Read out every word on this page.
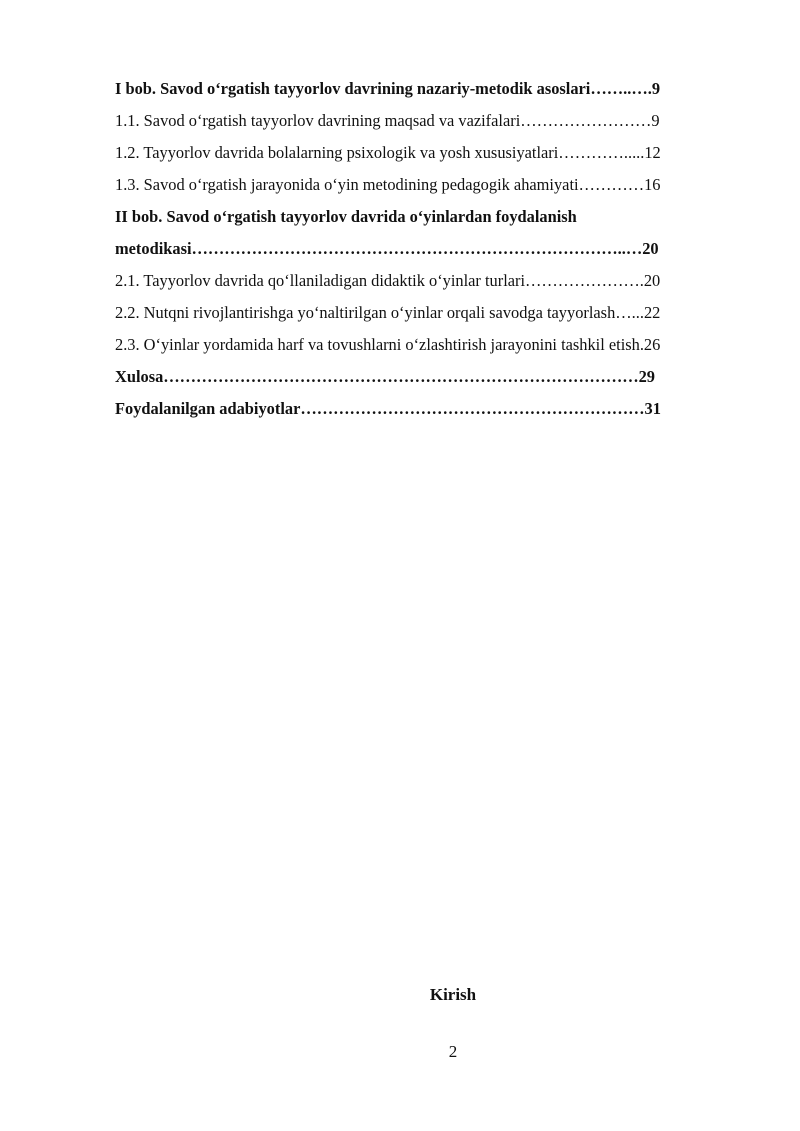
I bob. Savod oʻrgatish tayyorlov davrining nazariy-metodik asoslari……..….9
1.1. Savod oʻrgatish tayyorlov davrining maqsad va vazifalari……………………9
1.2. Tayyorlov davrida bolalarning psixologik va yosh xususiyatlari………….....12
1.3. Savod oʻrgatish jarayonida oʻyin metodining pedagogik ahamiyati…………16
II bob. Savod oʻrgatish tayyorlov davrida oʻyinlardan foydalanish
metodikasi……………………………………………………………………..…20
2.1. Tayyorlov davrida qoʻllaniladigan didaktik oʻyinlar turlari………………….20
2.2. Nutqni rivojlantirishga yoʻnaltirilgan oʻyinlar orqali savodga tayyorlash…...22
2.3. Oʻyinlar yordamida harf va tovushlarni oʻzlashtirish jarayonini tashkil etish.26
Xulosa……………………………………………………………………………29
Foydalanilgan adabiyotlar………………………………………………………31
Kirish
2
